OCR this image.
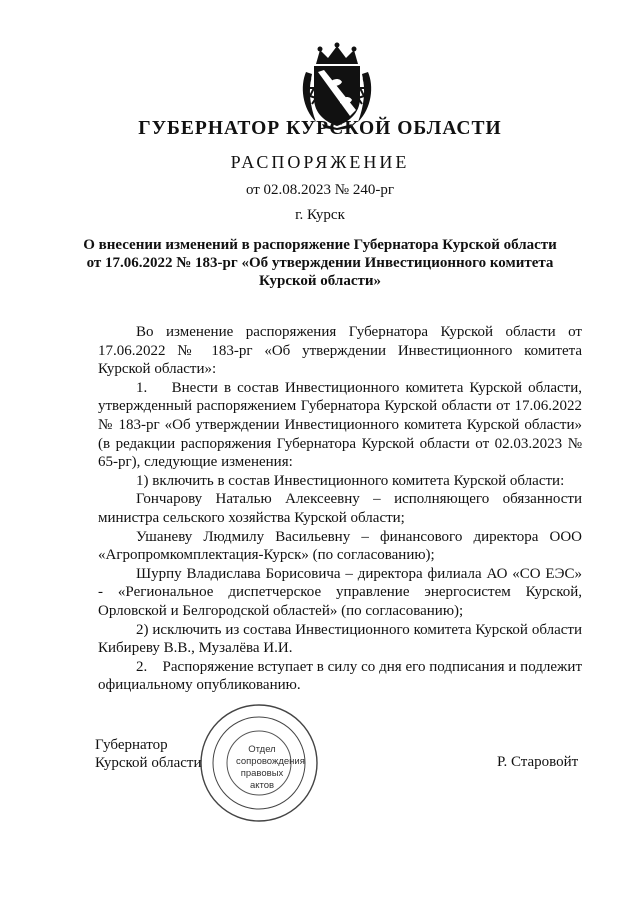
ГУБЕРНАТОР КУРСКОЙ ОБЛАСТИ
РАСПОРЯЖЕНИЕ
от 02.08.2023 № 240-рг
г. Курск
О внесении изменений в распоряжение Губернатора Курской области
от 17.06.2022 № 183-рг «Об утверждении Инвестиционного комитета
Курской области»

Во изменение распоряжения Губернатора Курской области от 17.06.2022 № 183-рг «Об утверждении Инвестиционного комитета Курской области»:

1.    Внести в состав Инвестиционного комитета Курской области, утвержденный распоряжением Губернатора Курской области от 17.06.2022 № 183-рг «Об утверждении Инвестиционного комитета Курской области» (в редакции распоряжения Губернатора Курской области от 02.03.2023 № 65-рг), следующие изменения:

1) включить в состав Инвестиционного комитета Курской области:

Гончарову Наталью Алексеевну – исполняющего обязанности министра сельского хозяйства Курской области;

Ушаневу Людмилу Васильевну – финансового директора ООО «Агропромкомплектация-Курск» (по согласованию);

Шурпу Владислава Борисовича – директора филиала АО «СО ЕЭС» - «Региональное диспетчерское управление энергосистем Курской, Орловской и Белгородской областей» (по согласованию);

2) исключить из состава Инвестиционного комитета Курской области Кибиреву В.В., Музалёва И.И.

2.    Распоряжение вступает в силу со дня его подписания и подлежит официальному опубликованию.

Отдел
сопровождения
правовых
актов
Губернатор
Курской области	Р. Старовойт
